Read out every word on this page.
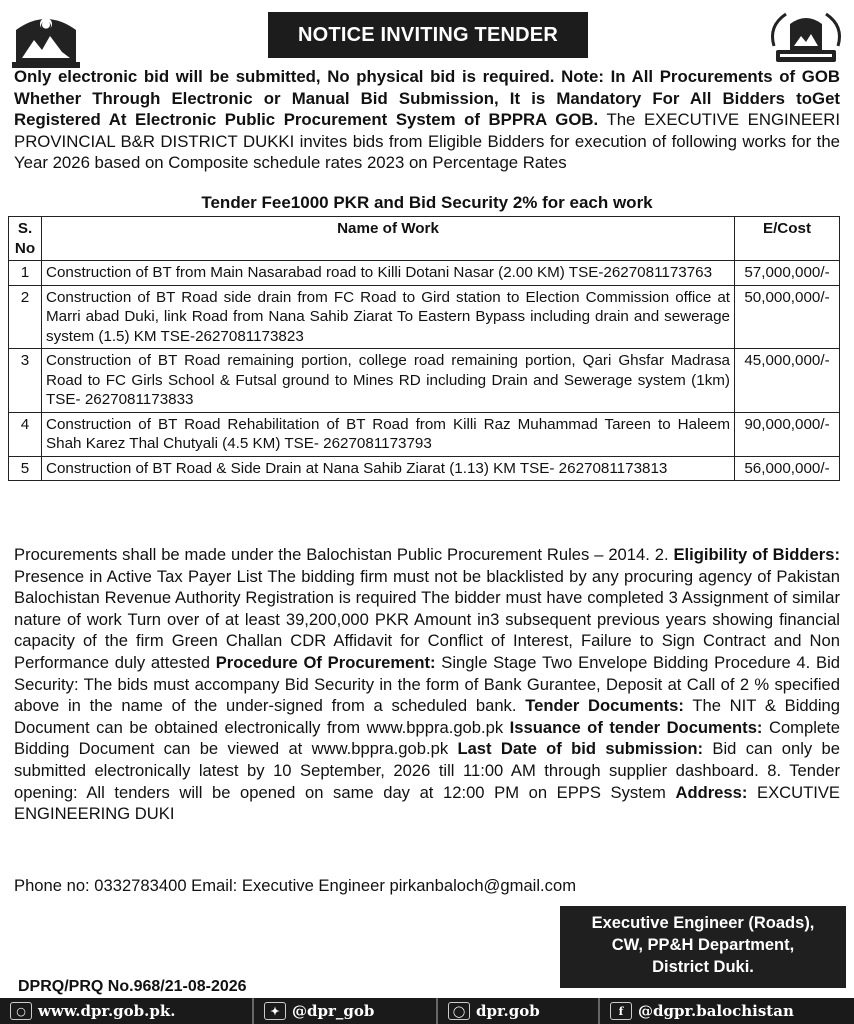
NOTICE INVITING TENDER
Only electronic bid will be submitted, No physical bid is required. Note: In All Procurements of GOB Whether Through Electronic or Manual Bid Submission, It is Mandatory For All Bidders toGet Registered At Electronic Public Procurement System of BPPRA GOB. The EXECUTIVE ENGINEERI PROVINCIAL B&R DISTRICT DUKKI invites bids from Eligible Bidders for execution of following works for the Year 2026 based on Composite schedule rates 2023 on Percentage Rates
Tender Fee1000 PKR and Bid Security 2% for each work
S. No	Name of Work	E/Cost
1	Construction of BT from Main Nasarabad road to Killi Dotani Nasar (2.00 KM) TSE-2627081173763	57,000,000/-
2	Construction of BT Road side drain from FC Road to Gird station to Election Commission office at Marri abad Duki, link Road from Nana Sahib Ziarat To Eastern Bypass including drain and sewerage system (1.5) KM TSE-2627081173823	50,000,000/-
3	Construction of BT Road remaining portion, college road remaining portion, Qari Ghsfar Madrasa Road to FC Girls School & Futsal ground to Mines RD including Drain and Sewerage system (1km) TSE- 2627081173833	45,000,000/-
4	Construction of BT Road Rehabilitation of BT Road from Killi Raz Muhammad Tareen to Haleem Shah Karez Thal Chutyali (4.5 KM) TSE- 2627081173793	90,000,000/-
5	Construction of BT Road & Side Drain at Nana Sahib Ziarat (1.13) KM TSE- 2627081173813	56,000,000/-
Procurements shall be made under the Balochistan Public Procurement Rules – 2014. 2. Eligibility of Bidders: Presence in Active Tax Payer List The bidding firm must not be blacklisted by any procuring agency of Pakistan Balochistan Revenue Authority Registration is required The bidder must have completed 3 Assignment of similar nature of work Turn over of at least 39,200,000 PKR Amount in3 subsequent previous years showing financial capacity of the firm Green Challan CDR Affidavit for Conflict of Interest, Failure to Sign Contract and Non Performance duly attested Procedure Of Procurement: Single Stage Two Envelope Bidding Procedure 4. Bid Security: The bids must accompany Bid Security in the form of Bank Gurantee, Deposit at Call of 2 % specified above in the name of the under-signed from a scheduled bank. Tender Documents: The NIT & Bidding Document can be obtained electronically from www.bppra.gob.pk Issuance of tender Documents: Complete Bidding Document can be viewed at www.bppra.gob.pk Last Date of bid submission: Bid can only be submitted electronically latest by 10 September, 2026 till 11:00 AM through supplier dashboard. 8. Tender opening: All tenders will be opened on same day at 12:00 PM on EPPS System Address: EXCUTIVE ENGINEERING DUKI
Phone no: 0332783400 Email: Executive Engineer pirkanbaloch@gmail.com
Executive Engineer (Roads),
CW, PP&H Department,
District Duki.
DPRQ/PRQ No.968/21-08-2026
○ www.dpr.gob.pk.	✦ @dpr_gob	◯ dpr.gob	f @dgpr.balochistan
